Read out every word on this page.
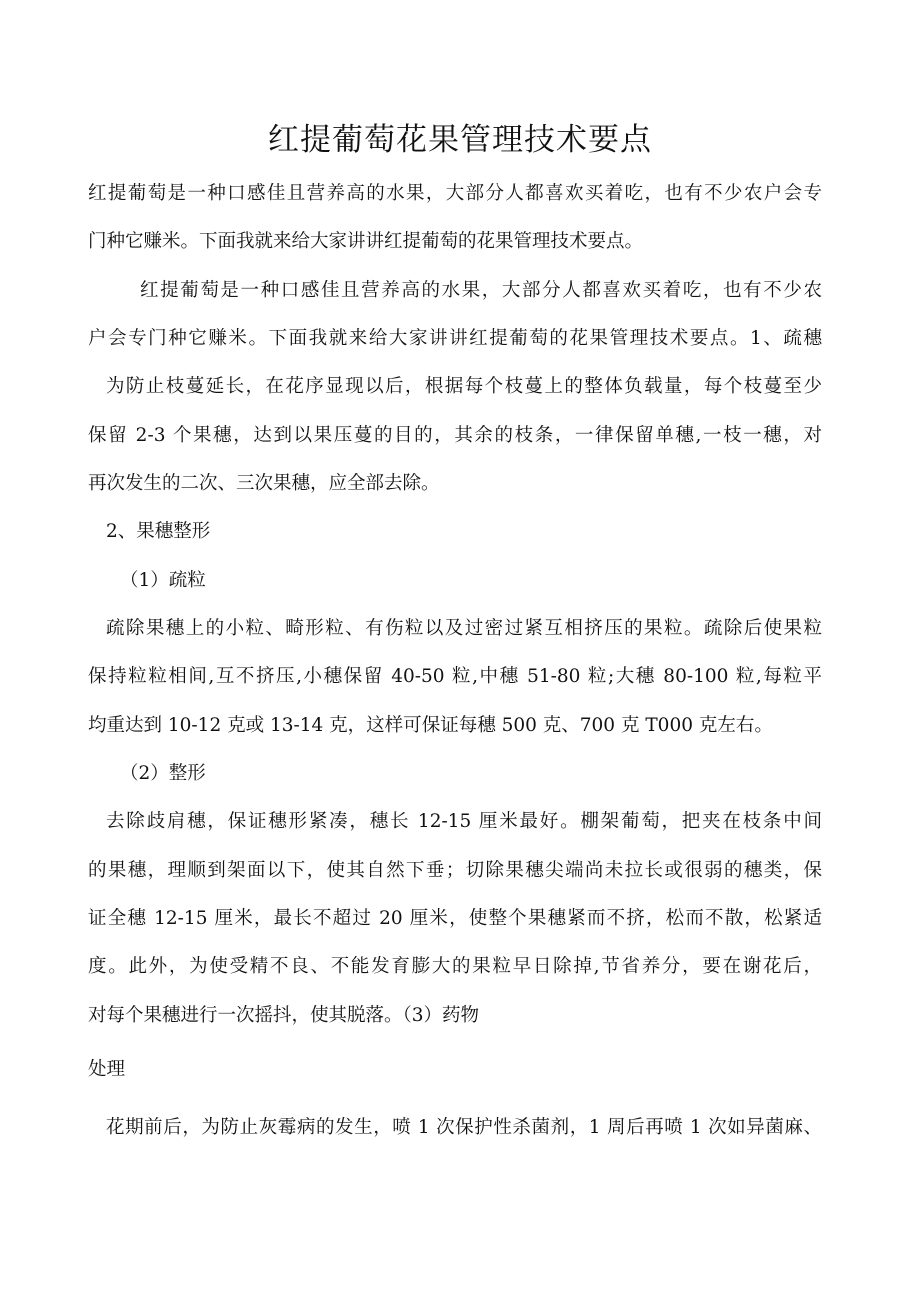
红提葡萄花果管理技术要点

红提葡萄是一种口感佳且营养高的水果，大部分人都喜欢买着吃，也有不少农户会专

门种它赚米。下面我就来给大家讲讲红提葡萄的花果管理技术要点。

红提葡萄是一种口感佳且营养高的水果，大部分人都喜欢买着吃，也有不少农

户会专门种它赚米。下面我就来给大家讲讲红提葡萄的花果管理技术要点。1、疏穗

为防止枝蔓延长，在花序显现以后，根据每个枝蔓上的整体负载量，每个枝蔓至少

保留 2-3 个果穗，达到以果压蔓的目的，其余的枝条，一律保留单穗,一枝一穗，对

再次发生的二次、三次果穗，应全部去除。

2、果穗整形

（1）疏粒

疏除果穗上的小粒、畸形粒、有伤粒以及过密过紧互相挤压的果粒。疏除后使果粒

保持粒粒相间,互不挤压,小穗保留 40-50 粒,中穗 51-80 粒;大穗 80-100 粒,每粒平

均重达到 10-12 克或 13-14 克，这样可保证每穗 500 克、700 克 T000 克左右。

（2）整形

去除歧肩穗，保证穗形紧凑，穗长 12-15 厘米最好。棚架葡萄，把夹在枝条中间

的果穗，理顺到架面以下，使其自然下垂；切除果穗尖端尚未拉长或很弱的穗类，保

证全穗 12-15 厘米，最长不超过 20 厘米，使整个果穗紧而不挤，松而不散，松紧适

度。此外，为使受精不良、不能发育膨大的果粒早日除掉,节省养分，要在谢花后，

对每个果穗进行一次摇抖，使其脱落。（3）药物

处理

花期前后，为防止灰霉病的发生，喷 1 次保护性杀菌剂，1 周后再喷 1 次如异菌麻、
